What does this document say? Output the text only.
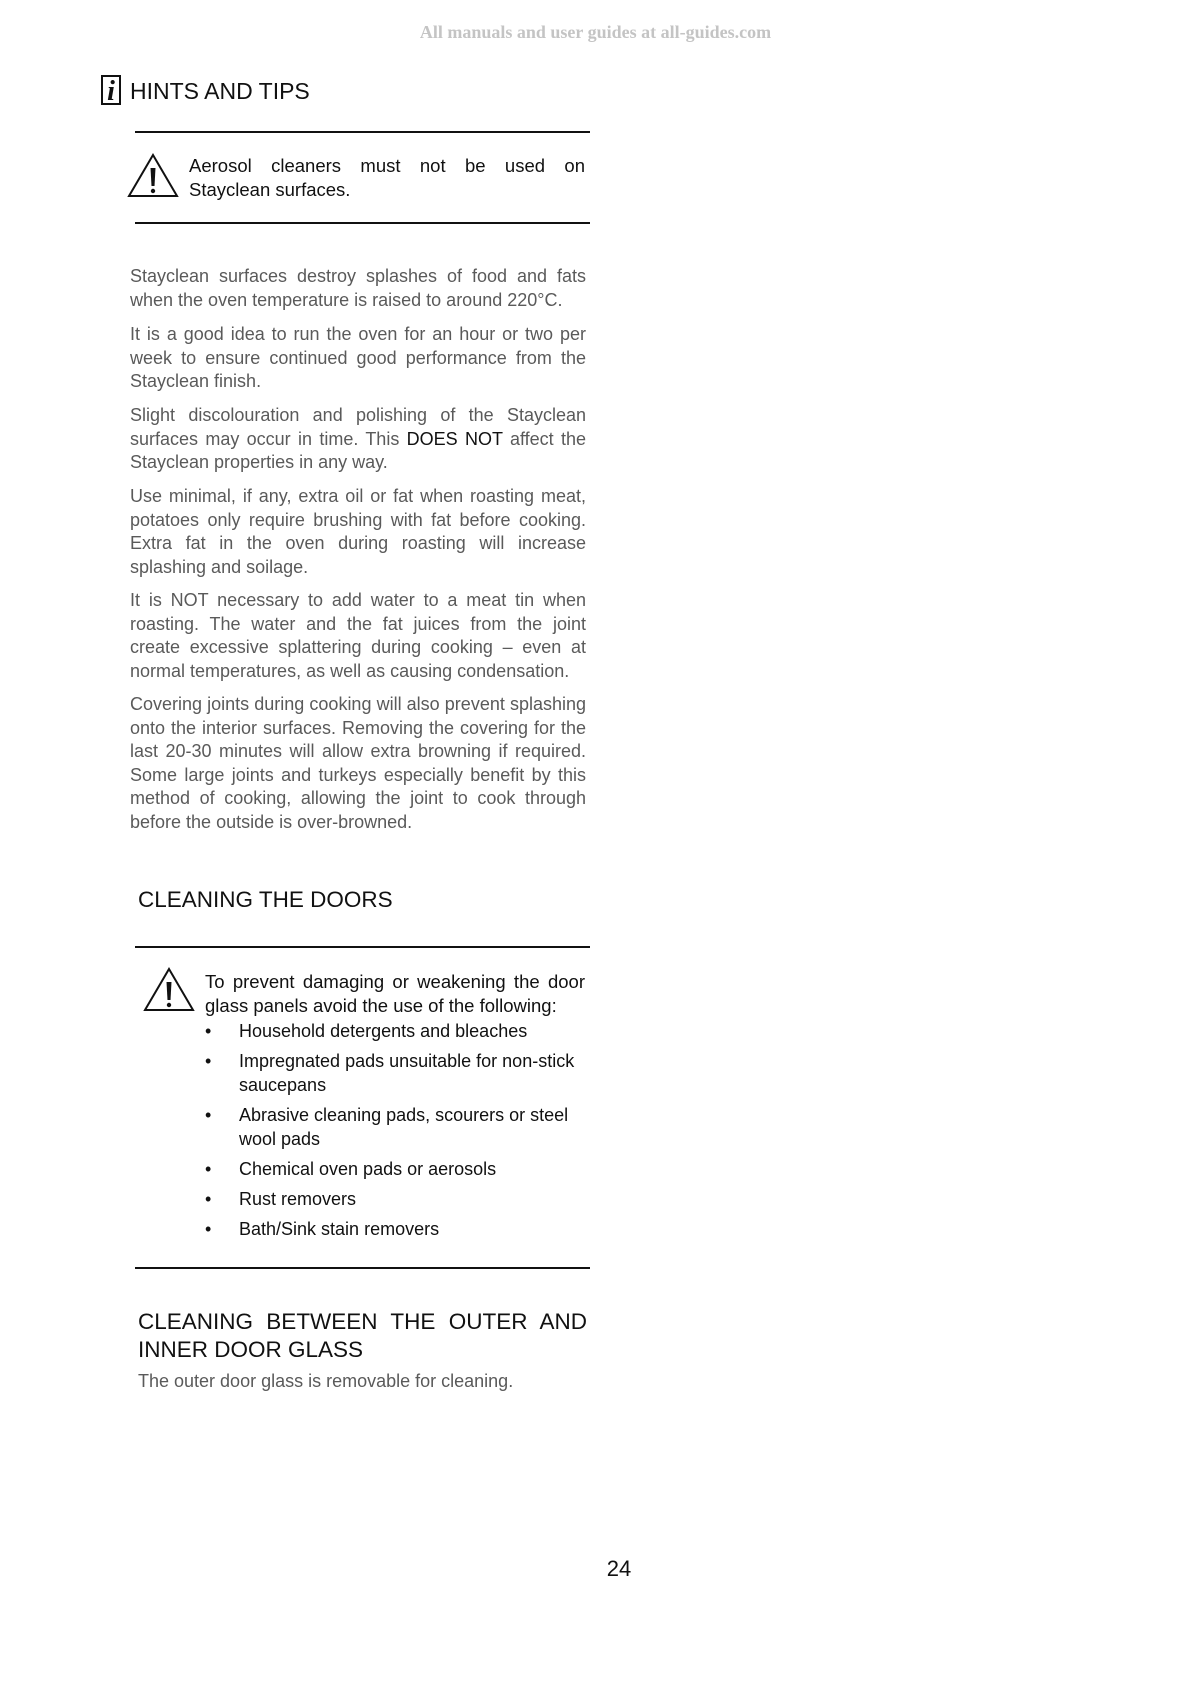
All manuals and user guides at all-guides.com
i HINTS AND TIPS

Aerosol cleaners must not be used on Stayclean surfaces.

Stayclean surfaces destroy splashes of food and fats when the oven temperature is raised to around 220°C.

It is a good idea to run the oven for an hour or two per week to ensure continued good performance from the Stayclean finish.

Slight discolouration and polishing of the Stayclean surfaces may occur in time. This DOES NOT affect the Stayclean properties in any way.

Use minimal, if any, extra oil or fat when roasting meat, potatoes only require brushing with fat before cooking. Extra fat in the oven during roasting will increase splashing and soilage.

It is NOT necessary to add water to a meat tin when roasting. The water and the fat juices from the joint create excessive splattering during cooking – even at normal temperatures, as well as causing condensation.

Covering joints during cooking will also prevent splashing onto the interior surfaces. Removing the covering for the last 20-30 minutes will allow extra browning if required. Some large joints and turkeys especially benefit by this method of cooking, allowing the joint to cook through before the outside is over-browned.

CLEANING THE DOORS

To prevent damaging or weakening the door glass panels avoid the use of the following:

• Household detergents and bleaches
• Impregnated pads unsuitable for non-stick saucepans
• Abrasive cleaning pads, scourers or steel wool pads
• Chemical oven pads or aerosols
• Rust removers
• Bath/Sink stain removers
CLEANING BETWEEN THE OUTER AND INNER DOOR GLASS

The outer door glass is removable for cleaning.

24
